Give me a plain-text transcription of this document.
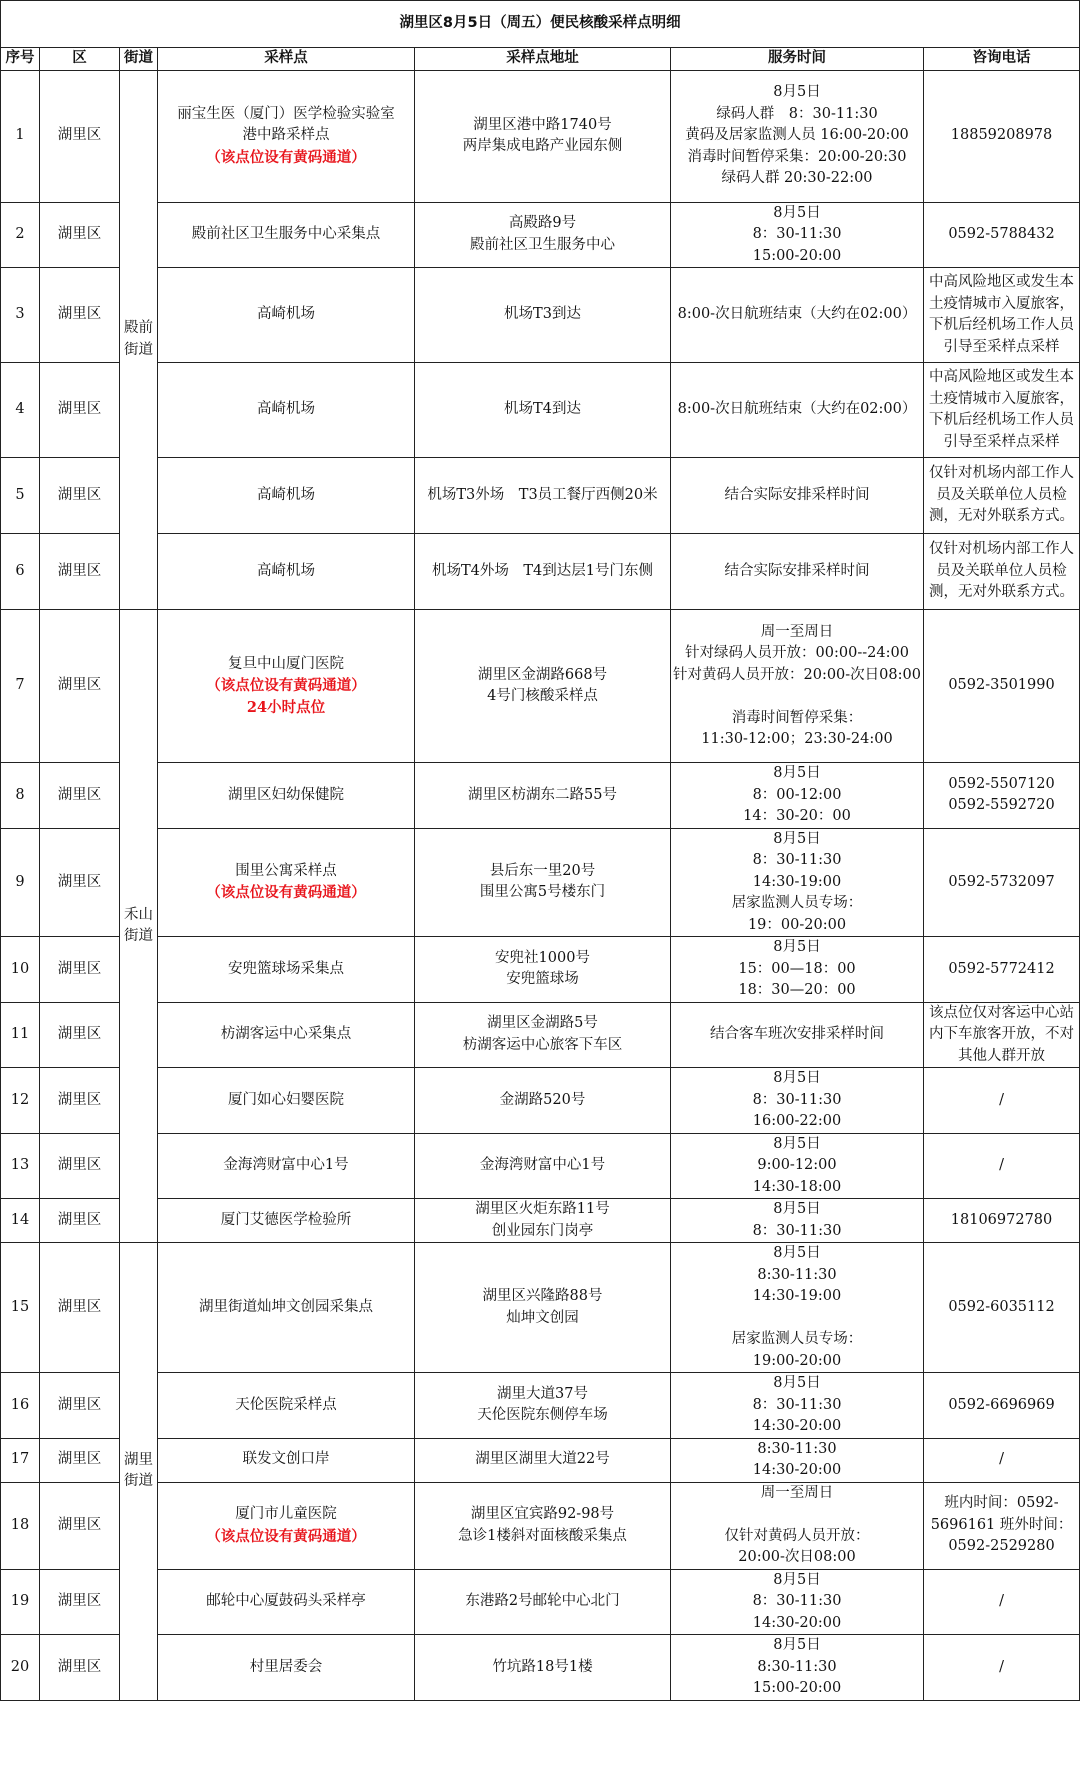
湖里区8月5日（周五）便民核酸采样点明细						
序号	区	街道	采样点	采样点地址	服务时间	咨询电话
1	湖里区	殿前街道	丽宝生医（厦门）医学检验实验室
港中路采样点
（该点位设有黄码通道）	湖里区港中路1740号
两岸集成电路产业园东侧	8月5日
绿码人群　8：30-11:30
黄码及居家监测人员 16:00-20:00
消毒时间暂停采集：20:00-20:30
绿码人群 20:30-22:00	18859208978
2	湖里区		殿前社区卫生服务中心采集点	高殿路9号
殿前社区卫生服务中心	8月5日
8：30-11:30
15:00-20:00	0592-5788432
3	湖里区		高崎机场	机场T3到达	8:00-次日航班结束（大约在02:00）	中高风险地区或发生本土疫情城市入厦旅客，下机后经机场工作人员引导至采样点采样
4	湖里区		高崎机场	机场T4到达	8:00-次日航班结束（大约在02:00）	中高风险地区或发生本土疫情城市入厦旅客，下机后经机场工作人员引导至采样点采样
5	湖里区		高崎机场	机场T3外场　T3员工餐厅西侧20米	结合实际安排采样时间	仅针对机场内部工作人员及关联单位人员检测，无对外联系方式。
6	湖里区		高崎机场	机场T4外场　T4到达层1号门东侧	结合实际安排采样时间	仅针对机场内部工作人员及关联单位人员检测，无对外联系方式。
7	湖里区	禾山街道	复旦中山厦门医院
（该点位设有黄码通道）
24小时点位	湖里区金湖路668号
4号门核酸采样点	周一至周日
针对绿码人员开放：00:00--24:00
针对黄码人员开放：20:00-次日08:00

消毒时间暂停采集：
11:30-12:00；23:30-24:00	0592-3501990
8	湖里区		湖里区妇幼保健院	湖里区枋湖东二路55号	8月5日
8：00-12:00
14：30-20：00	0592-5507120 0592-5592720
9	湖里区		围里公寓采样点
（该点位设有黄码通道）	县后东一里20号
围里公寓5号楼东门	8月5日
8：30-11:30
14:30-19:00
居家监测人员专场：
19：00-20:00	0592-5732097
10	湖里区		安兜篮球场采集点	安兜社1000号
安兜篮球场	8月5日
15：00—18：00
18：30—20：00	0592-5772412
11	湖里区		枋湖客运中心采集点	湖里区金湖路5号
枋湖客运中心旅客下车区	结合客车班次安排采样时间	该点位仅对客运中心站内下车旅客开放，不对其他人群开放
12	湖里区		厦门如心妇婴医院	金湖路520号	8月5日
8：30-11:30
16:00-22:00	/
13	湖里区		金海湾财富中心1号	金海湾财富中心1号	8月5日
9:00-12:00
14:30-18:00	/
14	湖里区		厦门艾德医学检验所	湖里区火炬东路11号
创业园东门岗亭	8月5日
8：30-11:30	18106972780
15	湖里区	湖里街道	湖里街道灿坤文创园采集点	湖里区兴隆路88号
灿坤文创园	8月5日
8:30-11:30
14:30-19:00

居家监测人员专场：
19:00-20:00	0592-6035112
16	湖里区		天伦医院采样点	湖里大道37号
天伦医院东侧停车场	8月5日
8：30-11:30
14:30-20:00	0592-6696969
17	湖里区		联发文创口岸	湖里区湖里大道22号	8:30-11:30
14:30-20:00	/
18	湖里区		厦门市儿童医院
（该点位设有黄码通道）	湖里区宜宾路92-98号
急诊1楼斜对面核酸采集点	周一至周日

仅针对黄码人员开放：
20:00-次日08:00	班内时间：0592-5696161 班外时间：0592-2529280
19	湖里区		邮轮中心厦鼓码头采样亭	东港路2号邮轮中心北门	8月5日
8：30-11:30
14:30-20:00	/
20	湖里区		村里居委会	竹坑路18号1楼	8月5日
8:30-11:30
15:00-20:00	/
